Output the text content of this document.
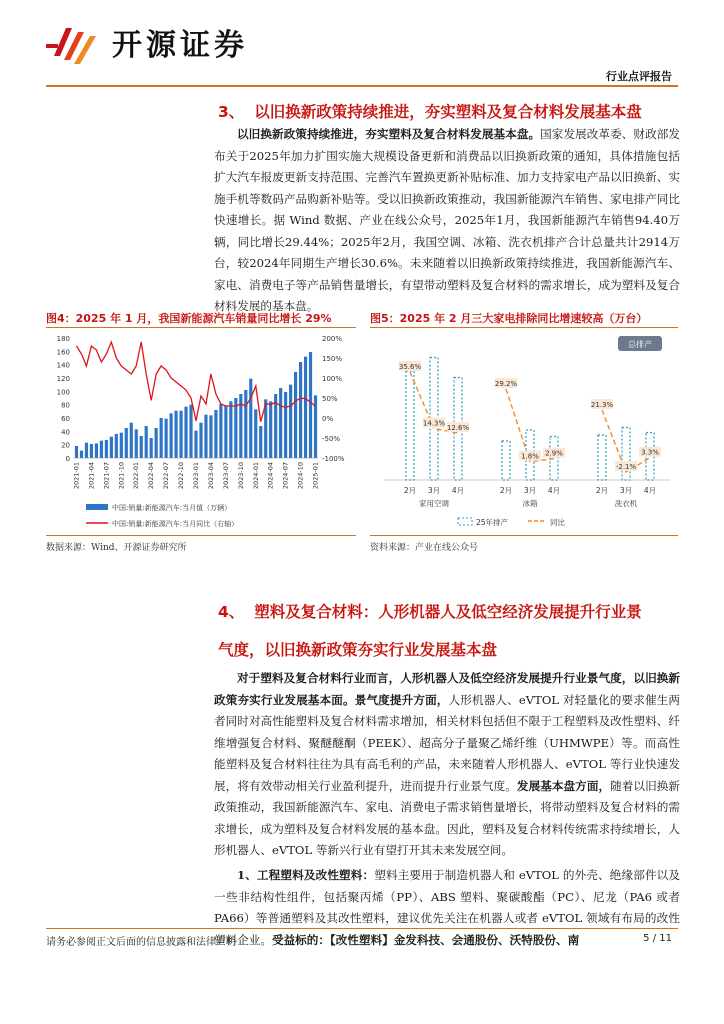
开源证券
行业点评报告
3、 以旧换新政策持续推进，夯实塑料及复合材料发展基本盘
以旧换新政策持续推进，夯实塑料及复合材料发展基本盘。国家发展改革委、财政部发布关于2025年加力扩围实施大规模设备更新和消费品以旧换新政策的通知，具体措施包括扩大汽车报废更新支持范围、完善汽车置换更新补贴标准、加力支持家电产品以旧换新、实施手机等数码产品购新补贴等。受以旧换新政策推动，我国新能源汽车销售、家电排产同比快速增长。据 Wind 数据、产业在线公众号，2025年1月，我国新能源汽车销售94.40万辆，同比增长29.44%；2025年2月，我国空调、冰箱、洗衣机排产合计总量共计2914万台，较2024年同期生产增长30.6%。未来随着以旧换新政策持续推进，我国新能源汽车、家电、消费电子等产品销售量增长，有望带动塑料及复合材料的需求增长，成为塑料及复合材料发展的基本盘。
图4：2025 年 1 月，我国新能源汽车销量同比增长 29%
0
20
40
60
80
100
120
140
160
180
-100%
-50%
0%
50%
100%
150%
200%
2021-01 2021-04 2021-07 2021-10 2022-01 2022-04 2022-07 2022-10 2023-01 2023-04 2023-07 2023-10 2024-01 2024-04 2024-07 2024-10 2025-01
中国:销量:新能源汽车:当月值（万辆）
中国:销量:新能源汽车:当月同比（右轴）
数据来源：Wind、开源证券研究所
图5：2025 年 2 月三大家电排除同比增速较高（万台）
总排产
2月
35.6%
3月
14.3%
4月
12.6%
家用空调
2月
29.2%
3月
1.8%
4月
2.9%
冰箱
2月
21.3%
3月
-2.1%
4月
3.3%
洗衣机
25年排产	同比
资料来源：产业在线公众号
4、 塑料及复合材料：人形机器人及低空经济发展提升行业景
气度，以旧换新政策夯实行业发展基本盘
对于塑料及复合材料行业而言，人形机器人及低空经济发展提升行业景气度，以旧换新政策夯实行业发展基本面。景气度提升方面，人形机器人、eVTOL 对轻量化的要求催生两者同时对高性能塑料及复合材料需求增加，相关材料包括但不限于工程塑料及改性塑料、纤维增强复合材料、聚醚醚酮（PEEK）、超高分子量聚乙烯纤维（UHMWPE）等。而高性能塑料及复合材料往往为具有高毛利的产品，未来随着人形机器人、eVTOL 等行业快速发展，将有效带动相关行业盈利提升，进而提升行业景气度。发展基本盘方面，随着以旧换新政策推动，我国新能源汽车、家电、消费电子需求销售量增长，将带动塑料及复合材料的需求增长，成为塑料及复合材料发展的基本盘。因此，塑料及复合材料传统需求持续增长，人形机器人、eVTOL 等新兴行业有望打开其未来发展空间。
1、工程塑料及改性塑料：塑料主要用于制造机器人和 eVTOL 的外壳、绝缘部件以及一些非结构性组件，包括聚丙烯（PP）、ABS 塑料、聚碳酸酯（PC）、尼龙（PA6 或者 PA66）等普通塑料及其改性塑料，建议优先关注在机器人或者 eVTOL 领域有布局的改性塑料企业。受益标的：【改性塑料】金发科技、会通股份、沃特股份、南
请务必参阅正文后面的信息披露和法律声明	5 / 11
